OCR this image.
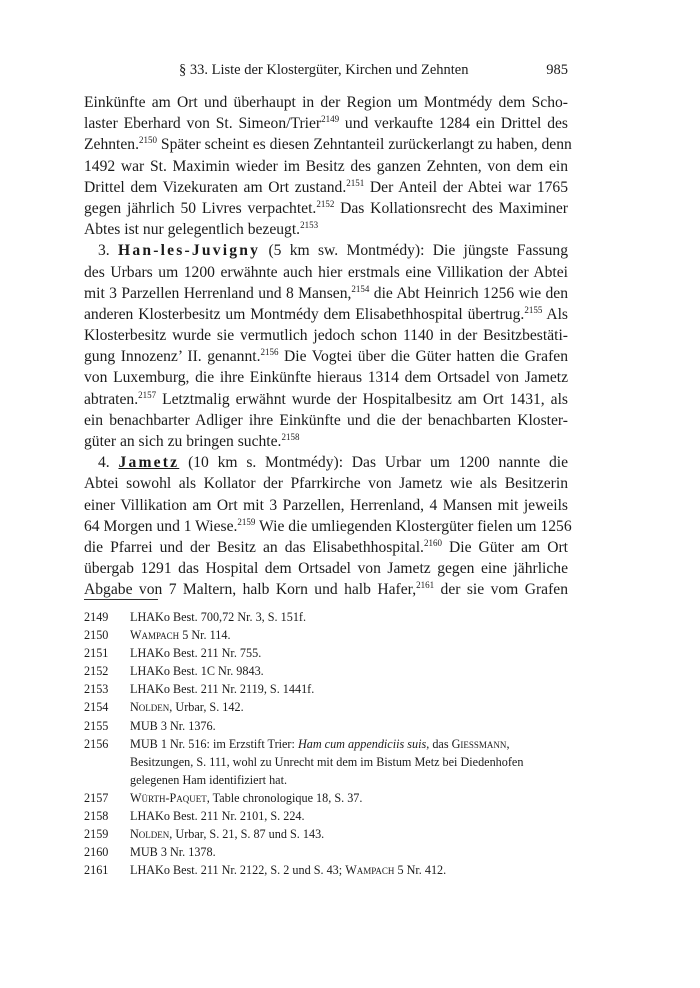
§ 33. Liste der Klostergüter, Kirchen und Zehnten	985
Einkünfte am Ort und überhaupt in der Region um Montmédy dem Scho-
laster Eberhard von St. Simeon/Trier$^{2149}$ und verkaufte 1284 ein Drittel des
Zehnten.$^{2150}$ Später scheint es diesen Zehntanteil zurückerlangt zu haben, denn
1492 war St. Maximin wieder im Besitz des ganzen Zehnten, von dem ein
Drittel dem Vizekuraten am Ort zustand.$^{2151}$ Der Anteil der Abtei war 1765
gegen jährlich 50 Livres verpachtet.$^{2152}$ Das Kollationsrecht des Maximiner
Abtes ist nur gelegentlich bezeugt.$^{2153}$
3. Han-les-Juvigny (5 km sw. Montmédy): Die jüngste Fassung
des Urbars um 1200 erwähnte auch hier erstmals eine Villikation der Abtei
mit 3 Parzellen Herrenland und 8 Mansen,$^{2154}$ die Abt Heinrich 1256 wie den
anderen Klosterbesitz um Montmédy dem Elisabethhospital übertrug.$^{2155}$ Als
Klosterbesitz wurde sie vermutlich jedoch schon 1140 in der Besitzbestäti-
gung Innozenz’ II. genannt.$^{2156}$ Die Vogtei über die Güter hatten die Grafen
von Luxemburg, die ihre Einkünfte hieraus 1314 dem Ortsadel von Jametz
abtraten.$^{2157}$ Letztmalig erwähnt wurde der Hospitalbesitz am Ort 1431, als
ein benachbarter Adliger ihre Einkünfte und die der benachbarten Kloster-
güter an sich zu bringen suchte.$^{2158}$
4. Jametz (10 km s. Montmédy): Das Urbar um 1200 nannte die
Abtei sowohl als Kollator der Pfarrkirche von Jametz wie als Besitzerin
einer Villikation am Ort mit 3 Parzellen, Herrenland, 4 Mansen mit jeweils
64 Morgen und 1 Wiese.$^{2159}$ Wie die umliegenden Klostergüter fielen um 1256
die Pfarrei und der Besitz an das Elisabethhospital.$^{2160}$ Die Güter am Ort
übergab 1291 das Hospital dem Ortsadel von Jametz gegen eine jährliche
Abgabe von 7 Maltern, halb Korn und halb Hafer,$^{2161}$ der sie vom Grafen
2149 LHAKo Best. 700,72 Nr. 3, S. 151f.
2150 Wampach 5 Nr. 114.
2151 LHAKo Best. 211 Nr. 755.
2152 LHAKo Best. 1C Nr. 9843.
2153 LHAKo Best. 211 Nr. 2119, S. 1441f.
2154 Nolden, Urbar, S. 142.
2155 MUB 3 Nr. 1376.
2156 MUB 1 Nr. 516: im Erzstift Trier: Ham cum appendiciis suis, das Giessmann, Besitzungen, S. 111, wohl zu Unrecht mit dem im Bistum Metz bei Diedenhofen gelegenen Ham identifiziert hat.
2157 Würth-Paquet, Table chronologique 18, S. 37.
2158 LHAKo Best. 211 Nr. 2101, S. 224.
2159 Nolden, Urbar, S. 21, S. 87 und S. 143.
2160 MUB 3 Nr. 1378.
2161 LHAKo Best. 211 Nr. 2122, S. 2 und S. 43; Wampach 5 Nr. 412.
